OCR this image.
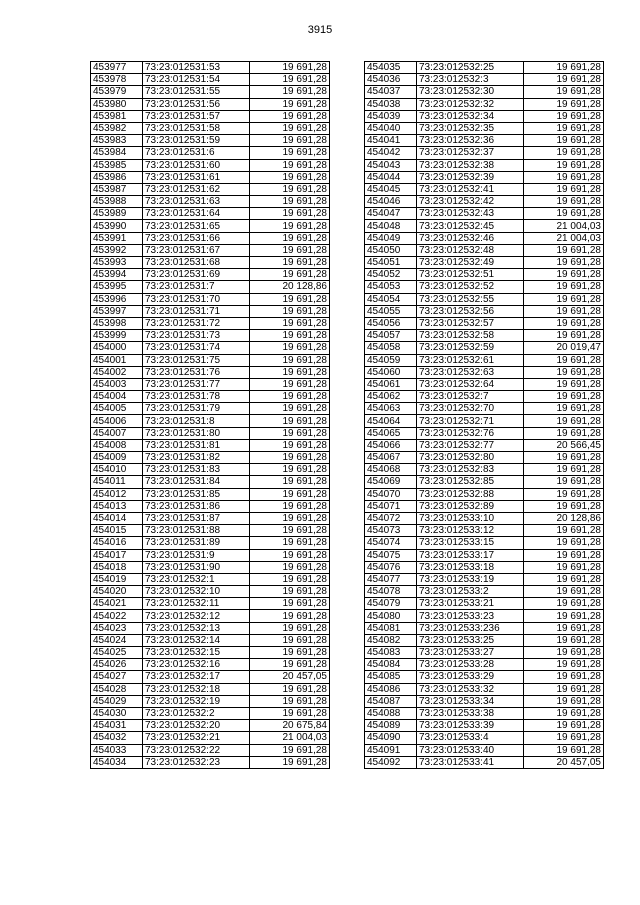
3915
453977	73:23:012531:53	19 691,28
453978	73:23:012531:54	19 691,28
453979	73:23:012531:55	19 691,28
453980	73:23:012531:56	19 691,28
453981	73:23:012531:57	19 691,28
453982	73:23:012531:58	19 691,28
453983	73:23:012531:59	19 691,28
453984	73:23:012531:6	19 691,28
453985	73:23:012531:60	19 691,28
453986	73:23:012531:61	19 691,28
453987	73:23:012531:62	19 691,28
453988	73:23:012531:63	19 691,28
453989	73:23:012531:64	19 691,28
453990	73:23:012531:65	19 691,28
453991	73:23:012531:66	19 691,28
453992	73:23:012531:67	19 691,28
453993	73:23:012531:68	19 691,28
453994	73:23:012531:69	19 691,28
453995	73:23:012531:7	20 128,86
453996	73:23:012531:70	19 691,28
453997	73:23:012531:71	19 691,28
453998	73:23:012531:72	19 691,28
453999	73:23:012531:73	19 691,28
454000	73:23:012531:74	19 691,28
454001	73:23:012531:75	19 691,28
454002	73:23:012531:76	19 691,28
454003	73:23:012531:77	19 691,28
454004	73:23:012531:78	19 691,28
454005	73:23:012531:79	19 691,28
454006	73:23:012531:8	19 691,28
454007	73:23:012531:80	19 691,28
454008	73:23:012531:81	19 691,28
454009	73:23:012531:82	19 691,28
454010	73:23:012531:83	19 691,28
454011	73:23:012531:84	19 691,28
454012	73:23:012531:85	19 691,28
454013	73:23:012531:86	19 691,28
454014	73:23:012531:87	19 691,28
454015	73:23:012531:88	19 691,28
454016	73:23:012531:89	19 691,28
454017	73:23:012531:9	19 691,28
454018	73:23:012531:90	19 691,28
454019	73:23:012532:1	19 691,28
454020	73:23:012532:10	19 691,28
454021	73:23:012532:11	19 691,28
454022	73:23:012532:12	19 691,28
454023	73:23:012532:13	19 691,28
454024	73:23:012532:14	19 691,28
454025	73:23:012532:15	19 691,28
454026	73:23:012532:16	19 691,28
454027	73:23:012532:17	20 457,05
454028	73:23:012532:18	19 691,28
454029	73:23:012532:19	19 691,28
454030	73:23:012532:2	19 691,28
454031	73:23:012532:20	20 675,84
454032	73:23:012532:21	21 004,03
454033	73:23:012532:22	19 691,28
454034	73:23:012532:23	19 691,28
454035	73:23:012532:25	19 691,28
454036	73:23:012532:3	19 691,28
454037	73:23:012532:30	19 691,28
454038	73:23:012532:32	19 691,28
454039	73:23:012532:34	19 691,28
454040	73:23:012532:35	19 691,28
454041	73:23:012532:36	19 691,28
454042	73:23:012532:37	19 691,28
454043	73:23:012532:38	19 691,28
454044	73:23:012532:39	19 691,28
454045	73:23:012532:41	19 691,28
454046	73:23:012532:42	19 691,28
454047	73:23:012532:43	19 691,28
454048	73:23:012532:45	21 004,03
454049	73:23:012532:46	21 004,03
454050	73:23:012532:48	19 691,28
454051	73:23:012532:49	19 691,28
454052	73:23:012532:51	19 691,28
454053	73:23:012532:52	19 691,28
454054	73:23:012532:55	19 691,28
454055	73:23:012532:56	19 691,28
454056	73:23:012532:57	19 691,28
454057	73:23:012532:58	19 691,28
454058	73:23:012532:59	20 019,47
454059	73:23:012532:61	19 691,28
454060	73:23:012532:63	19 691,28
454061	73:23:012532:64	19 691,28
454062	73:23:012532:7	19 691,28
454063	73:23:012532:70	19 691,28
454064	73:23:012532:71	19 691,28
454065	73:23:012532:76	19 691,28
454066	73:23:012532:77	20 566,45
454067	73:23:012532:80	19 691,28
454068	73:23:012532:83	19 691,28
454069	73:23:012532:85	19 691,28
454070	73:23:012532:88	19 691,28
454071	73:23:012532:89	19 691,28
454072	73:23:012533:10	20 128,86
454073	73:23:012533:12	19 691,28
454074	73:23:012533:15	19 691,28
454075	73:23:012533:17	19 691,28
454076	73:23:012533:18	19 691,28
454077	73:23:012533:19	19 691,28
454078	73:23:012533:2	19 691,28
454079	73:23:012533:21	19 691,28
454080	73:23:012533:23	19 691,28
454081	73:23:012533:236	19 691,28
454082	73:23:012533:25	19 691,28
454083	73:23:012533:27	19 691,28
454084	73:23:012533:28	19 691,28
454085	73:23:012533:29	19 691,28
454086	73:23:012533:32	19 691,28
454087	73:23:012533:34	19 691,28
454088	73:23:012533:38	19 691,28
454089	73:23:012533:39	19 691,28
454090	73:23:012533:4	19 691,28
454091	73:23:012533:40	19 691,28
454092	73:23:012533:41	20 457,05
